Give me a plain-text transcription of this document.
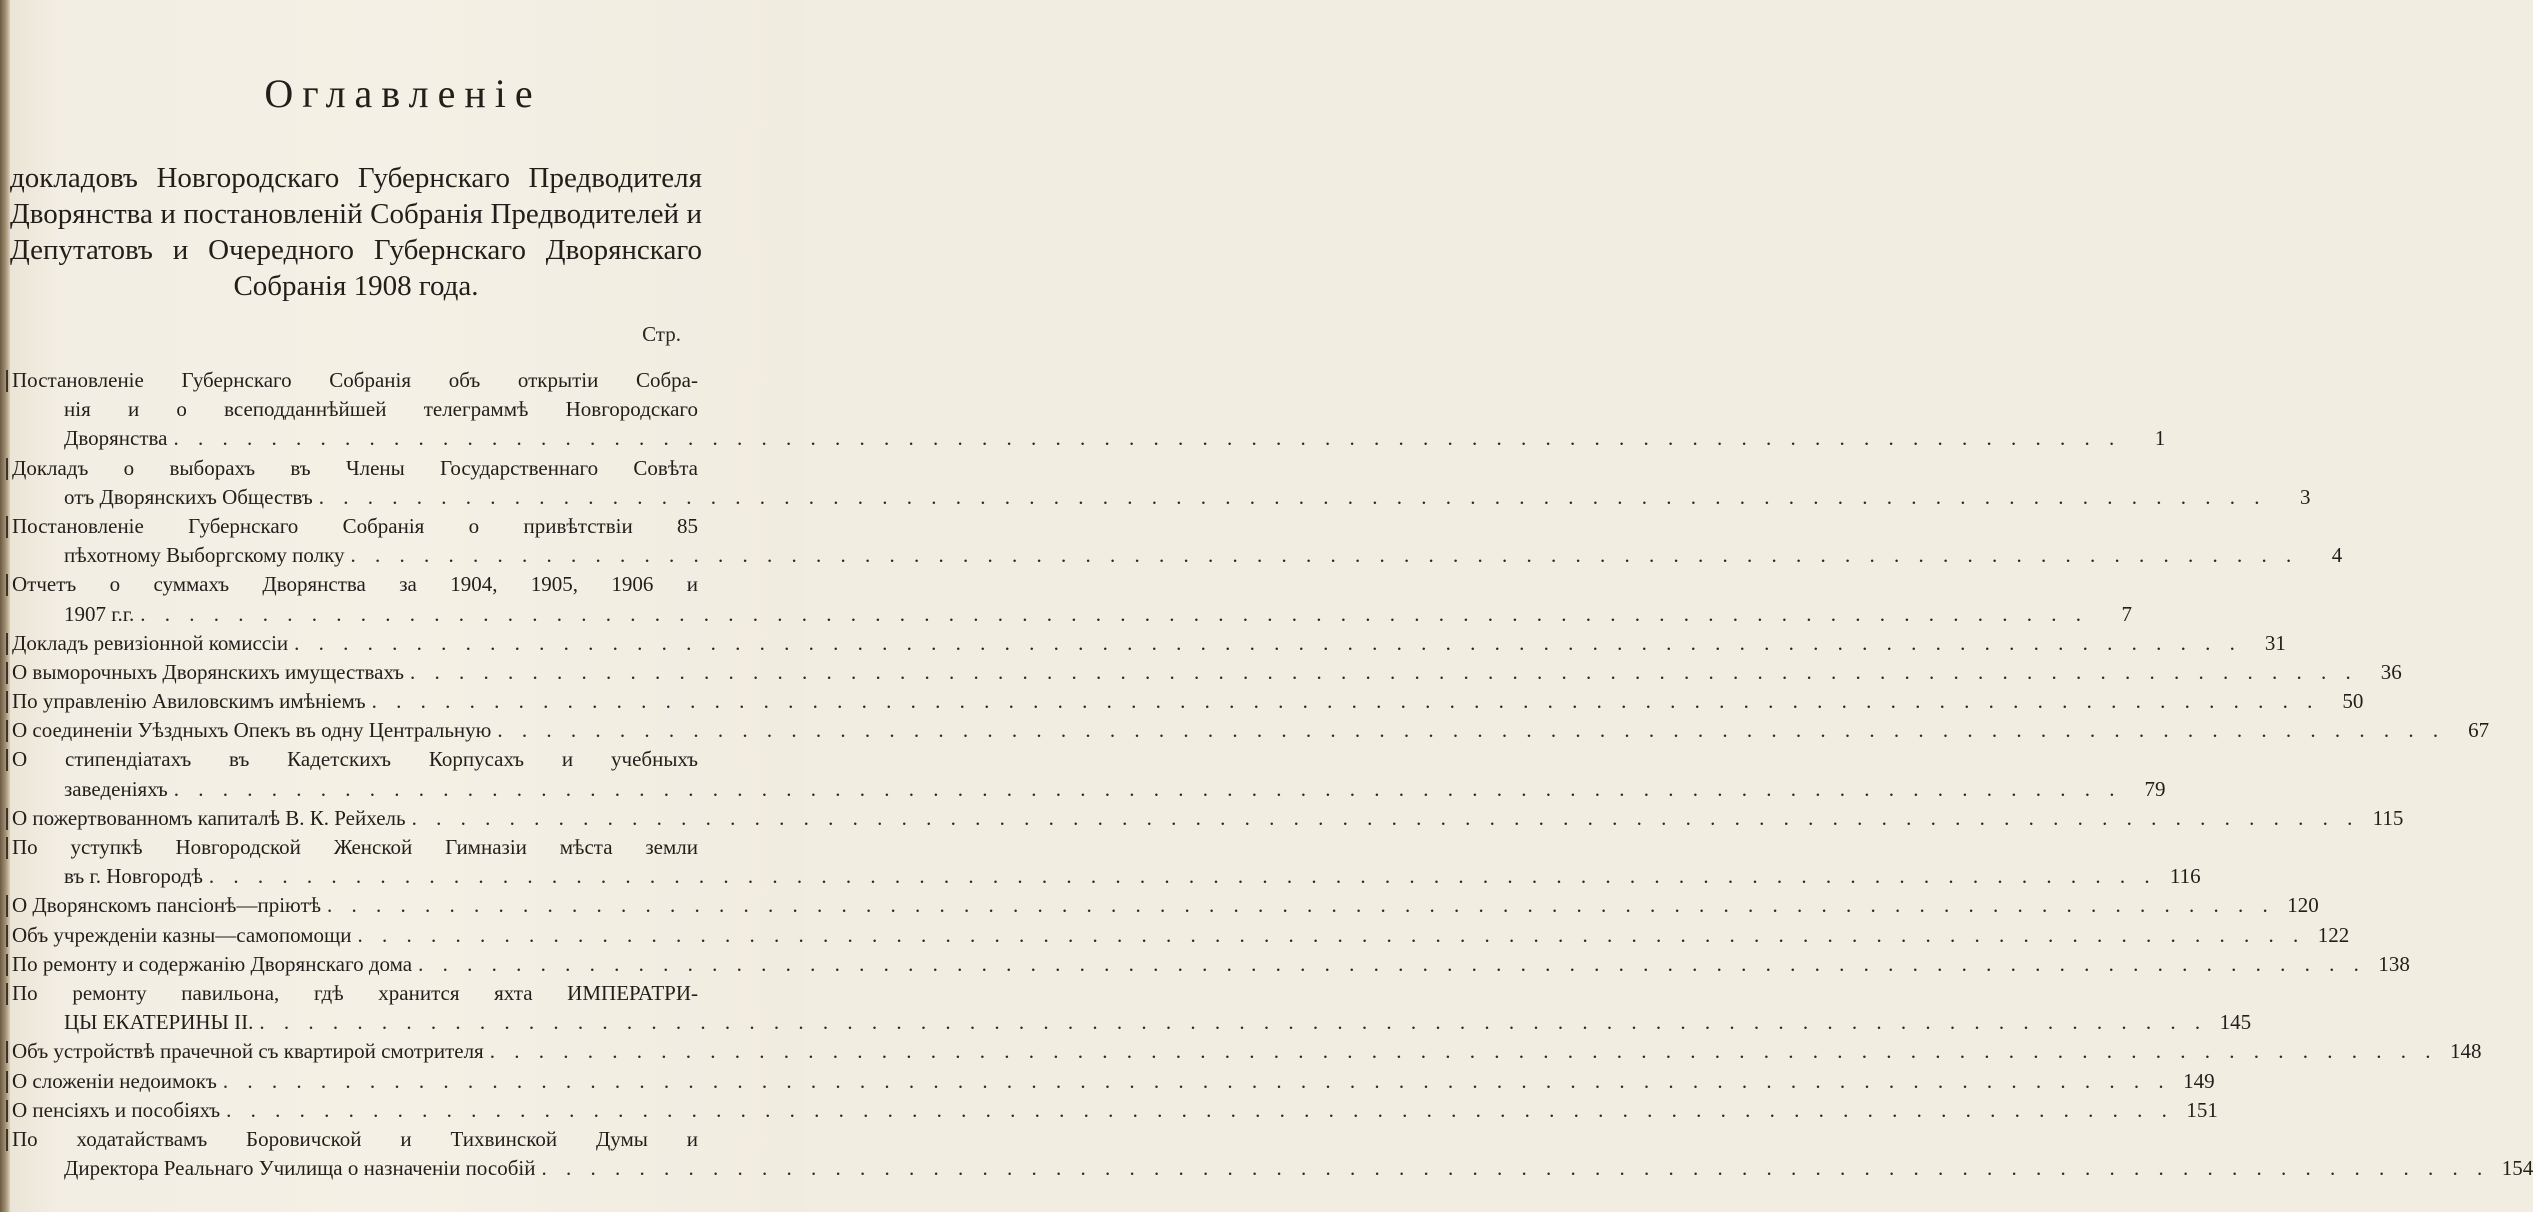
Оглавленіе

докладовъ Новгородскаго Губернскаго Предводителя Дворянства и постановленій Собранія Предводителей и Депутатовъ и Очередного Губернскаго Дворянскаго Собранія 1908 года.

Стр.
Постановленіе Губернскаго Собранія объ открытіи Собра-
нія и о всеподданнѣйшей телеграммѣ Новгородскаго
Дворянства . . . . . . . . . . . . . . . . . . . . . . . . . . . . . . . . . . . . . . . . . . . . . . . . . . . . . . . . . . . . . . . . . . . . . . . . . . . . . . . .	1
Докладъ о выборахъ въ Члены Государственнаго Совѣта
отъ Дворянскихъ Обществъ . . . . . . . . . . . . . . . . . . . . . . . . . . . . . . . . . . . . . . . . . . . . . . . . . . . . . . . . . . . . . . . . . . . . . . . . . . . . . . . .	3
Постановленіе Губернскаго Собранія о привѣтствіи 85
пѣхотному Выборгскому полку . . . . . . . . . . . . . . . . . . . . . . . . . . . . . . . . . . . . . . . . . . . . . . . . . . . . . . . . . . . . . . . . . . . . . . . . . . . . . . . .	4
Отчетъ о суммахъ Дворянства за 1904, 1905, 1906 и
1907 г.г. . . . . . . . . . . . . . . . . . . . . . . . . . . . . . . . . . . . . . . . . . . . . . . . . . . . . . . . . . . . . . . . . . . . . . . . . . . . . . . . .	7
Докладъ ревизіонной комиссіи . . . . . . . . . . . . . . . . . . . . . . . . . . . . . . . . . . . . . . . . . . . . . . . . . . . . . . . . . . . . . . . . . . . . . . . . . . . . . . . .	31
О выморочныхъ Дворянскихъ имуществахъ . . . . . . . . . . . . . . . . . . . . . . . . . . . . . . . . . . . . . . . . . . . . . . . . . . . . . . . . . . . . . . . . . . . . . . . . . . . . . . . .	36
По управленію Авиловскимъ имѣніемъ . . . . . . . . . . . . . . . . . . . . . . . . . . . . . . . . . . . . . . . . . . . . . . . . . . . . . . . . . . . . . . . . . . . . . . . . . . . . . . . .	50
О соединеніи Уѣздныхъ Опекъ въ одну Центральную . . . . . . . . . . . . . . . . . . . . . . . . . . . . . . . . . . . . . . . . . . . . . . . . . . . . . . . . . . . . . . . . . . . . . . . . . . . . . . . .	67
О стипендіатахъ въ Кадетскихъ Корпусахъ и учебныхъ
заведеніяхъ . . . . . . . . . . . . . . . . . . . . . . . . . . . . . . . . . . . . . . . . . . . . . . . . . . . . . . . . . . . . . . . . . . . . . . . . . . . . . . . .	79
О пожертвованномъ капиталѣ В. К. Рейхель . . . . . . . . . . . . . . . . . . . . . . . . . . . . . . . . . . . . . . . . . . . . . . . . . . . . . . . . . . . . . . . . . . . . . . . . . . . . . . . . 115
По уступкѣ Новгородской Женской Гимназіи мѣста земли
въ г. Новгородѣ . . . . . . . . . . . . . . . . . . . . . . . . . . . . . . . . . . . . . . . . . . . . . . . . . . . . . . . . . . . . . . . . . . . . . . . . . . . . . . . . 116
О Дворянскомъ пансіонѣ—пріютѣ . . . . . . . . . . . . . . . . . . . . . . . . . . . . . . . . . . . . . . . . . . . . . . . . . . . . . . . . . . . . . . . . . . . . . . . . . . . . . . . . 120
Объ учрежденіи казны—самопомощи . . . . . . . . . . . . . . . . . . . . . . . . . . . . . . . . . . . . . . . . . . . . . . . . . . . . . . . . . . . . . . . . . . . . . . . . . . . . . . . . 122
По ремонту и содержанію Дворянскаго дома . . . . . . . . . . . . . . . . . . . . . . . . . . . . . . . . . . . . . . . . . . . . . . . . . . . . . . . . . . . . . . . . . . . . . . . . . . . . . . . . 138
По ремонту павильона, гдѣ хранится яхта ИМПЕРАТРИ-
ЦЫ ЕКАТЕРИНЫ II. . . . . . . . . . . . . . . . . . . . . . . . . . . . . . . . . . . . . . . . . . . . . . . . . . . . . . . . . . . . . . . . . . . . . . . . . . . . . . . . . 145
Объ устройствѣ прачечной съ квартирой смотрителя . . . . . . . . . . . . . . . . . . . . . . . . . . . . . . . . . . . . . . . . . . . . . . . . . . . . . . . . . . . . . . . . . . . . . . . . . . . . . . . . 148
О сложеніи недоимокъ . . . . . . . . . . . . . . . . . . . . . . . . . . . . . . . . . . . . . . . . . . . . . . . . . . . . . . . . . . . . . . . . . . . . . . . . . . . . . . . . 149
О пенсіяхъ и пособіяхъ . . . . . . . . . . . . . . . . . . . . . . . . . . . . . . . . . . . . . . . . . . . . . . . . . . . . . . . . . . . . . . . . . . . . . . . . . . . . . . . . 151
По ходатайствамъ Боровичской и Тихвинской Думы и
Директора Реальнаго Училища о назначеніи пособій . . . . . . . . . . . . . . . . . . . . . . . . . . . . . . . . . . . . . . . . . . . . . . . . . . . . . . . . . . . . . . . . . . . . . . . . . . . . . . . . 154
